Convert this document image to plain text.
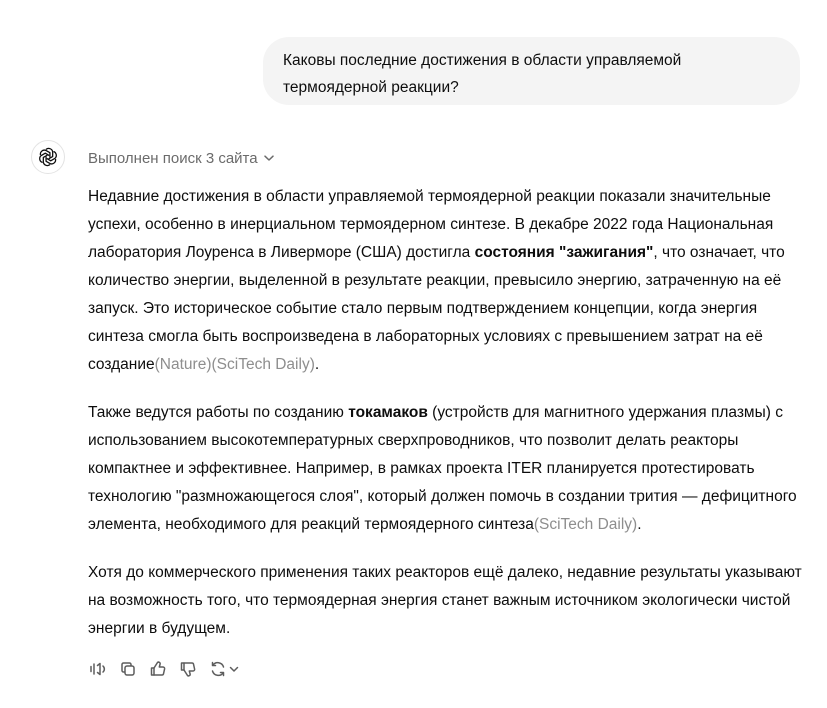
Каковы последние достижения в области управляемой термоядерной реакции?
Выполнен поиск 3 сайта

Недавние достижения в области управляемой термоядерной реакции показали значительные успехи, особенно в инерциальном термоядерном синтезе. В декабре 2022 года Национальная лаборатория Лоуренса в Ливерморе (США) достигла состояния "зажигания", что означает, что количество энергии, выделенной в результате реакции, превысило энергию, затраченную на её запуск. Это историческое событие стало первым подтверждением концепции, когда энергия синтеза смогла быть воспроизведена в лабораторных условиях с превышением затрат на её создание(Nature)(SciTech Daily).

Также ведутся работы по созданию токамаков (устройств для магнитного удержания плазмы) с использованием высокотемпературных сверхпроводников, что позволит делать реакторы компактнее и эффективнее. Например, в рамках проекта ITER планируется протестировать технологию "размножающегося слоя", который должен помочь в создании трития — дефицитного элемента, необходимого для реакций термоядерного синтеза(SciTech Daily).

Хотя до коммерческого применения таких реакторов ещё далеко, недавние результаты указывают на возможность того, что термоядерная энергия станет важным источником экологически чистой энергии в будущем.
